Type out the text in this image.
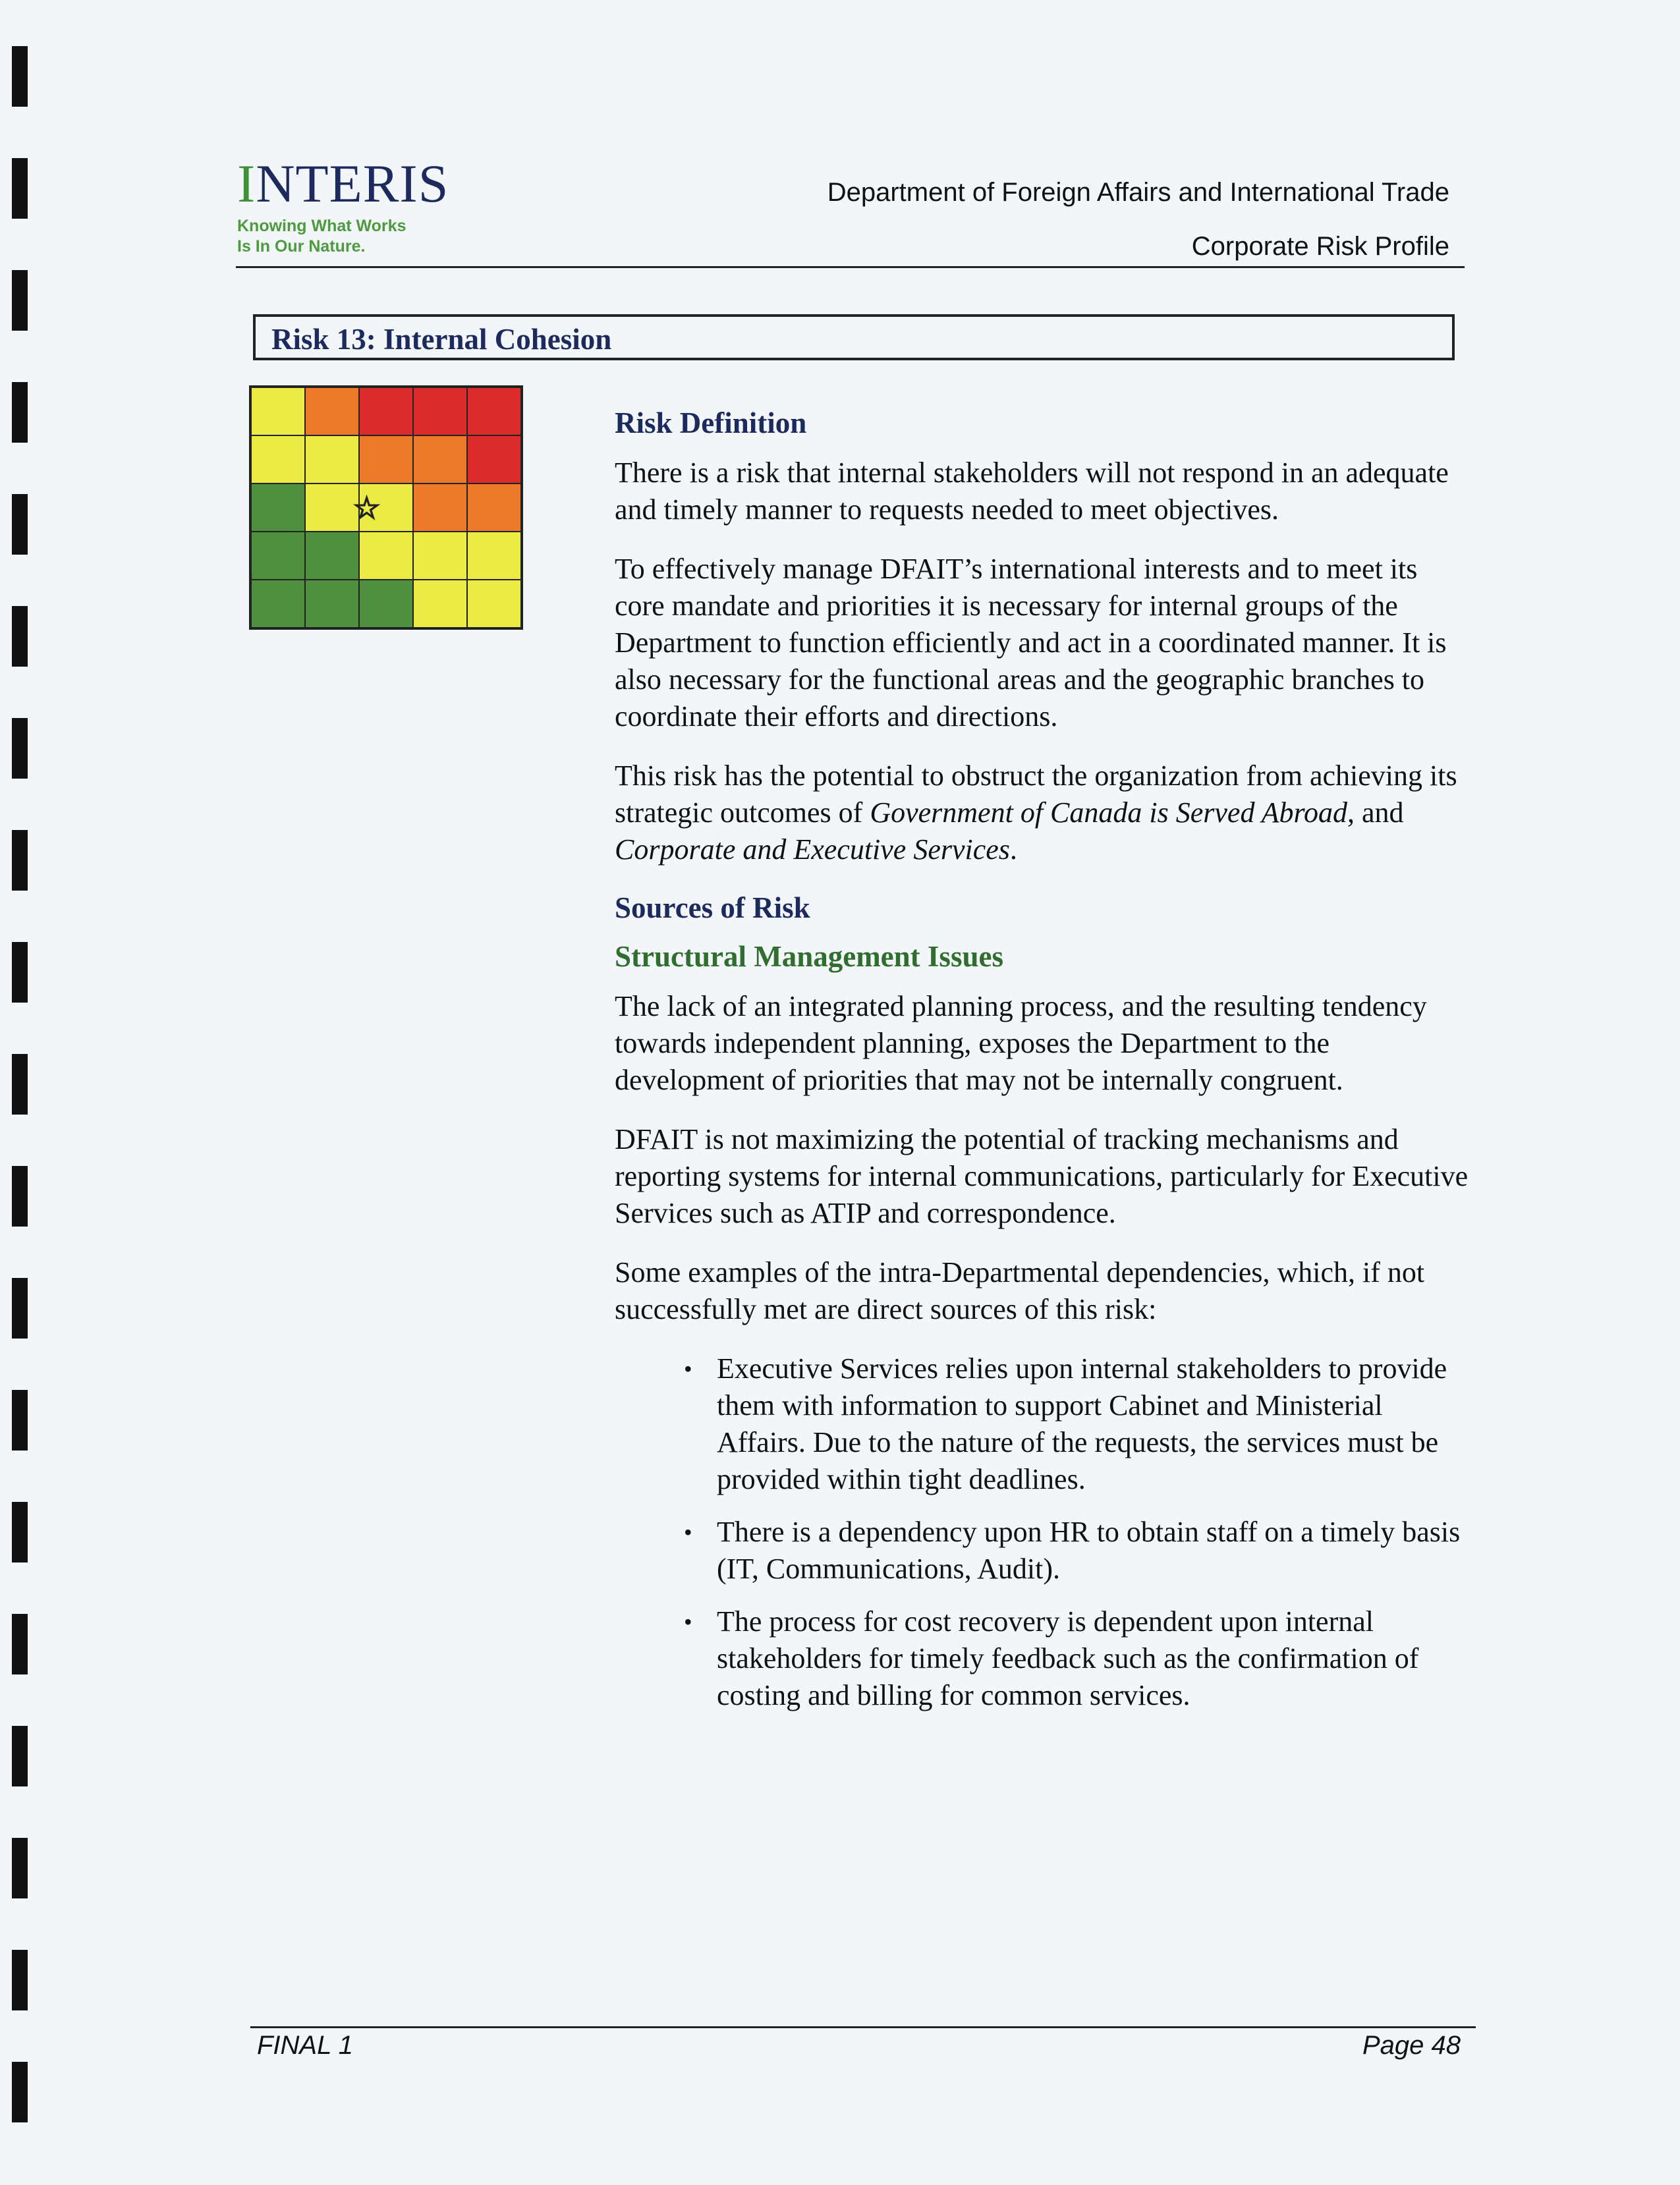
INTERIS
Knowing What Works
Is In Our Nature.
Department of Foreign Affairs and International Trade
Corporate Risk Profile
Risk 13: Internal Cohesion
☆
Risk Definition

There is a risk that internal stakeholders will not respond in an adequate and timely manner to requests needed to meet objectives.

To effectively manage DFAIT’s international interests and to meet its core mandate and priorities it is necessary for internal groups of the Department to function efficiently and act in a coordinated manner. It is also necessary for the functional areas and the geographic branches to coordinate their efforts and directions.

This risk has the potential to obstruct the organization from achieving its strategic outcomes of Government of Canada is Served Abroad, and Corporate and Executive Services.

Sources of Risk
Structural Management Issues

The lack of an integrated planning process, and the resulting tendency towards independent planning, exposes the Department to the development of priorities that may not be internally congruent.

DFAIT is not maximizing the potential of tracking mechanisms and reporting systems for internal communications, particularly for Executive Services such as ATIP and correspondence.

Some examples of the intra-Departmental dependencies, which, if not successfully met are direct sources of this risk:

• Executive Services relies upon internal stakeholders to provide them with information to support Cabinet and Ministerial Affairs. Due to the nature of the requests, the services must be provided within tight deadlines.
• There is a dependency upon HR to obtain staff on a timely basis (IT, Communications, Audit).
• The process for cost recovery is dependent upon internal stakeholders for timely feedback such as the confirmation of costing and billing for common services.
FINAL 1	Page 48
